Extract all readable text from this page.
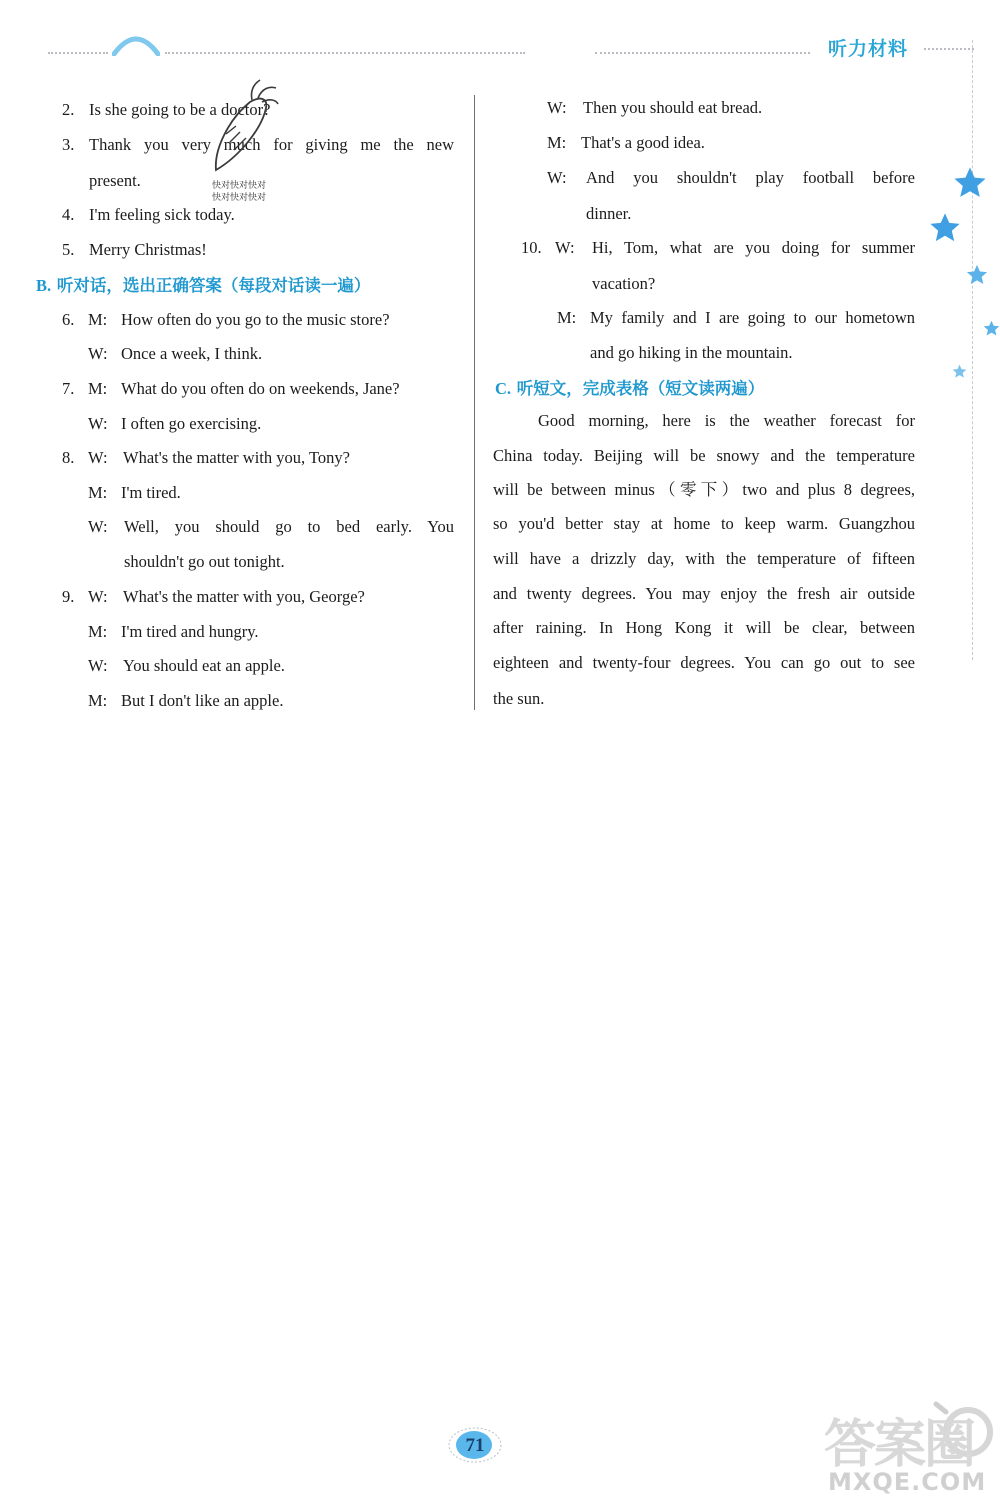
听力材料
2. Is she going to be a doctor?
3. Thank you very much for giving me the new
present.
4. I'm feeling sick today.
5. Merry Christmas!
B. 听对话，选出正确答案（每段对话读一遍）
6. M: How often do you go to the music store?
W: Once a week, I think.
7. M: What do you often do on weekends, Jane?
W: I often go exercising.
8. W: What's the matter with you, Tony?
M: I'm tired.
W: Well, you should go to bed early. You
shouldn't go out tonight.
9. W: What's the matter with you, George?
M: I'm tired and hungry.
W: You should eat an apple.
M: But I don't like an apple.
快对快对快对
快对快对快对
W: Then you should eat bread.
M: That's a good idea.
W: And you shouldn't play football before
dinner.
10. W: Hi, Tom, what are you doing for summer
vacation?
M: My family and I are going to our hometown
and go hiking in the mountain.
C. 听短文，完成表格（短文读两遍）
Good morning, here is the weather forecast for
China today. Beijing will be snowy and the temperature
will be between minus（零下）two and plus 8 degrees,
so you'd better stay at home to keep warm. Guangzhou
will have a drizzly day, with the temperature of fifteen
and twenty degrees. You may enjoy the fresh air outside
after raining. In Hong Kong it will be clear, between
eighteen and twenty-four degrees. You can go out to see
the sun.
71	答案圈
MXQE.COM
